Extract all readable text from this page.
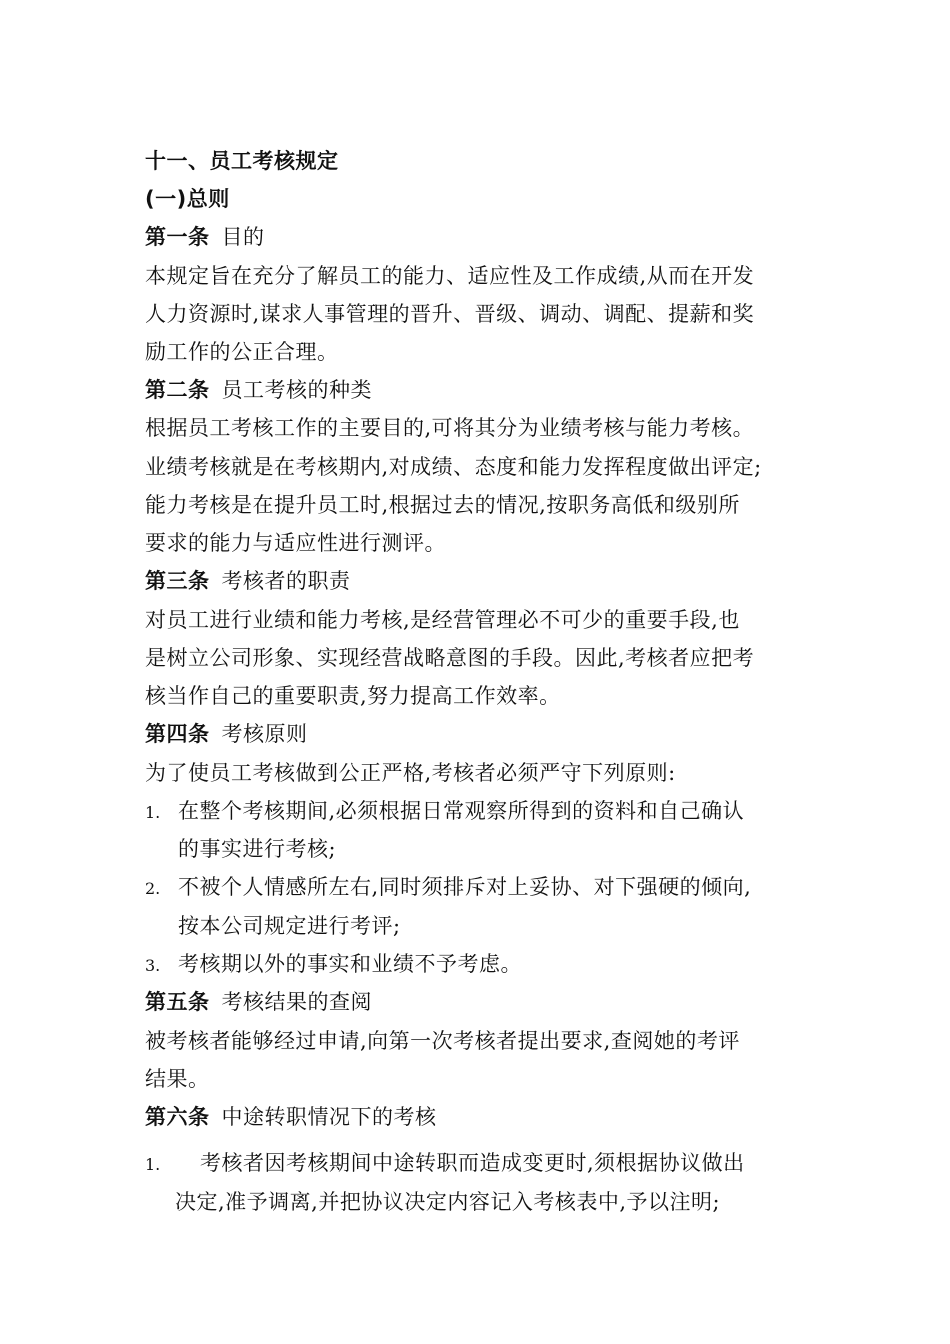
十一、员工考核规定
(一)总则
第一条 目的
本规定旨在充分了解员工的能力、适应性及工作成绩,从而在开发
人力资源时,谋求人事管理的晋升、晋级、调动、调配、提薪和奖
励工作的公正合理。
第二条 员工考核的种类
根据员工考核工作的主要目的,可将其分为业绩考核与能力考核。
业绩考核就是在考核期内,对成绩、态度和能力发挥程度做出评定;
能力考核是在提升员工时,根据过去的情况,按职务高低和级别所
要求的能力与适应性进行测评。
第三条 考核者的职责
对员工进行业绩和能力考核,是经营管理必不可少的重要手段,也
是树立公司形象、实现经营战略意图的手段。因此,考核者应把考
核当作自己的重要职责,努力提高工作效率。
第四条 考核原则
为了使员工考核做到公正严格,考核者必须严守下列原则:
1. 在整个考核期间,必须根据日常观察所得到的资料和自己确认
的事实进行考核;
2. 不被个人情感所左右,同时须排斥对上妥协、对下强硬的倾向,
按本公司规定进行考评;
3. 考核期以外的事实和业绩不予考虑。
第五条 考核结果的查阅
被考核者能够经过申请,向第一次考核者提出要求,查阅她的考评
结果。
第六条 中途转职情况下的考核
1. 考核者因考核期间中途转职而造成变更时,须根据协议做出
决定,准予调离,并把协议决定内容记入考核表中,予以注明;
